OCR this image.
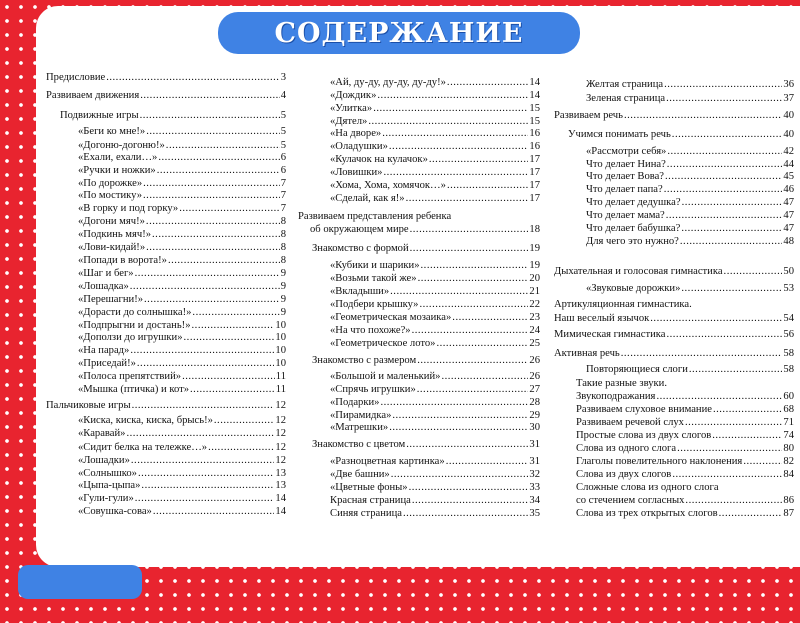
СОДЕРЖАНИЕ
Предисловие .....	3
Развиваем движения .....	4
Подвижные игры .....	5
«Беги ко мне!» .....	5
«Догоню-догоню!» .....	5
«Ехали, ехали…» .....	6
«Ручки и ножки» .....	6
«По дорожке» .....	7
«По мостику» .....	7
«В горку и под горку» .....	7
«Догони мяч!» .....	8
«Подкинь мяч!» .....	8
«Лови-кидай!» .....	8
«Попади в ворота!» .....	8
«Шаг и бег» .....	9
«Лошадка» .....	9
«Перешагни!» .....	9
«Дорасти до солнышка!» .....	9
«Подпрыгни и достань!» .....	10
«Доползи до игрушки» .....	10
«На парад» .....	10
«Приседай!» .....	10
«Полоса препятствий» .....	11
«Мышка (птичка) и кот» .....	11
Пальчиковые игры .....	12
«Киска, киска, киска, брысь!» .....	12
«Каравай» .....	12
«Сидит белка на тележке…» .....	12
«Лошадки» .....	12
«Солнышко» .....	13
«Цыпа-цыпа» .....	13
«Гули-гули» .....	14
«Совушка-сова» .....	14
«Ай, ду-ду, ду-ду, ду-ду!» .....	14
«Дождик» .....	14
«Улитка» .....	15
«Дятел» .....	15
«На дворе» .....	16
«Оладушки» .....	16
«Кулачок на кулачок» .....	17
«Ловишки» .....	17
«Хома, Хома, хомячок…» .....	17
«Сделай, как я!» .....	17
Развиваем представления ребенка
об окружающем мире .....	18
Знакомство с формой .....	19
«Кубики и шарики» .....	19
«Возьми такой же» .....	20
«Вкладыши» .....	21
«Подбери крышку» .....	22
«Геометрическая мозаика» .....	23
«На что похоже?» .....	24
«Геометрическое лото» .....	25
Знакомство с размером .....	26
«Большой и маленький» .....	26
«Спрячь игрушки» .....	27
«Подарки» .....	28
«Пирамидка» .....	29
«Матрешки» .....	30
Знакомство с цветом .....	31
«Разноцветная картинка» .....	31
«Две башни» .....	32
«Цветные фоны» .....	33
Красная страница .....	34
Синяя страница .....	35
Желтая страница .....	36
Зеленая страница .....	37
Развиваем речь .....	40
Учимся понимать речь .....	40
«Рассмотри себя» .....	42
Что делает Нина? .....	44
Что делает Вова? .....	45
Что делает папа? .....	46
Что делает дедушка? .....	47
Что делает мама? .....	47
Что делает бабушка? .....	47
Для чего это нужно? .....	48
Дыхательная и голосовая гимнастика .....	50
«Звуковые дорожки» .....	53
Артикуляционная гимнастика.
Наш веселый язычок .....	54
Мимическая гимнастика .....	56
Активная речь .....	58
Повторяющиеся слоги .....	58
Такие разные звуки.
Звукоподражания .....	60
Развиваем слуховое внимание .....	68
Развиваем речевой слух .....	71
Простые слова из двух слогов .....	74
Слова из одного слога .....	80
Глаголы повелительного наклонения .....	82
Слова из двух слогов .....	84
Сложные слова из одного слога
со стечением согласных .....	86
Слова из трех открытых слогов .....	87
